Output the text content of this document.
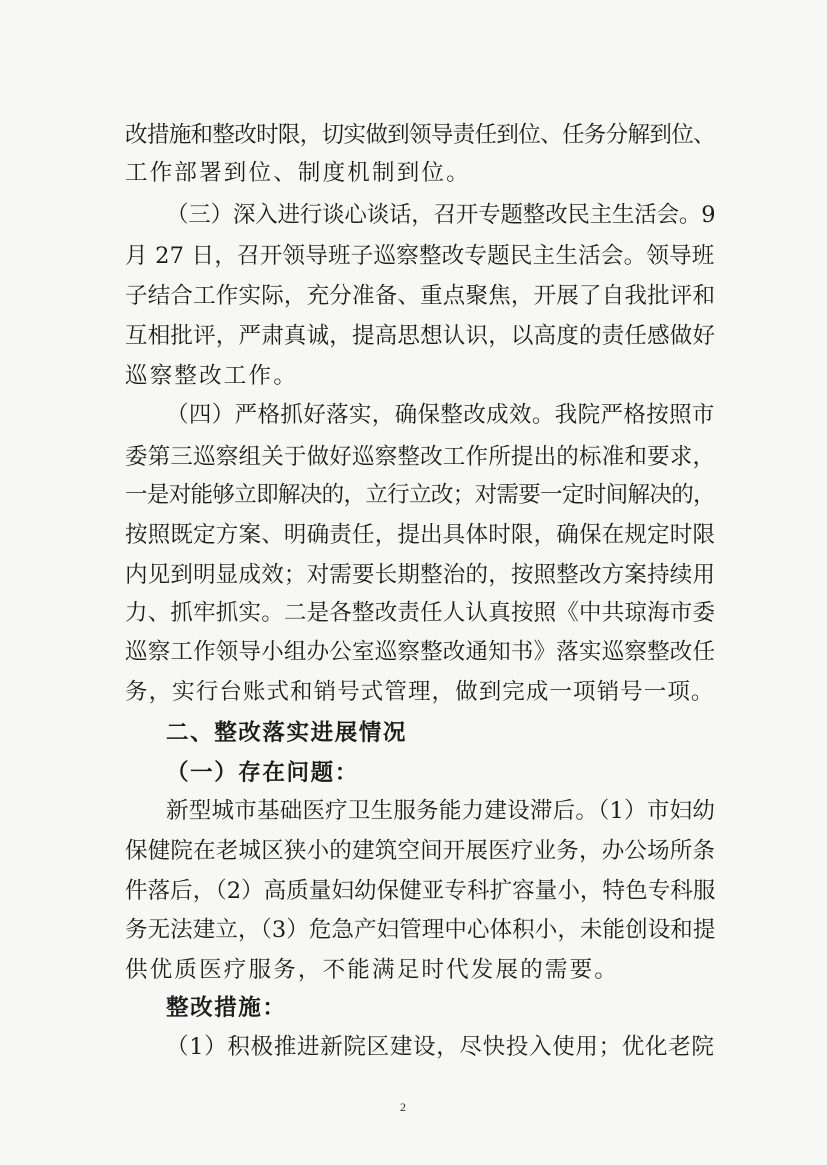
改措施和整改时限，切实做到领导责任到位、任务分解到位、
工作部署到位、制度机制到位。
（三）深入进行谈心谈话，召开专题整改民主生活会。9
月 27 日，召开领导班子巡察整改专题民主生活会。领导班
子结合工作实际，充分准备、重点聚焦，开展了自我批评和
互相批评，严肃真诚，提高思想认识，以高度的责任感做好
巡察整改工作。
（四）严格抓好落实，确保整改成效。我院严格按照市
委第三巡察组关于做好巡察整改工作所提出的标准和要求，
一是对能够立即解决的，立行立改；对需要一定时间解决的，
按照既定方案、明确责任，提出具体时限，确保在规定时限
内见到明显成效；对需要长期整治的，按照整改方案持续用
力、抓牢抓实。二是各整改责任人认真按照《中共琼海市委
巡察工作领导小组办公室巡察整改通知书》落实巡察整改任
务，实行台账式和销号式管理，做到完成一项销号一项。
二、整改落实进展情况
（一）存在问题：
新型城市基础医疗卫生服务能力建设滞后。（1）市妇幼
保健院在老城区狭小的建筑空间开展医疗业务，办公场所条
件落后，（2）高质量妇幼保健亚专科扩容量小，特色专科服
务无法建立，（3）危急产妇管理中心体积小，未能创设和提
供优质医疗服务，不能满足时代发展的需要。
整改措施：
（1）积极推进新院区建设，尽快投入使用；优化老院
2
